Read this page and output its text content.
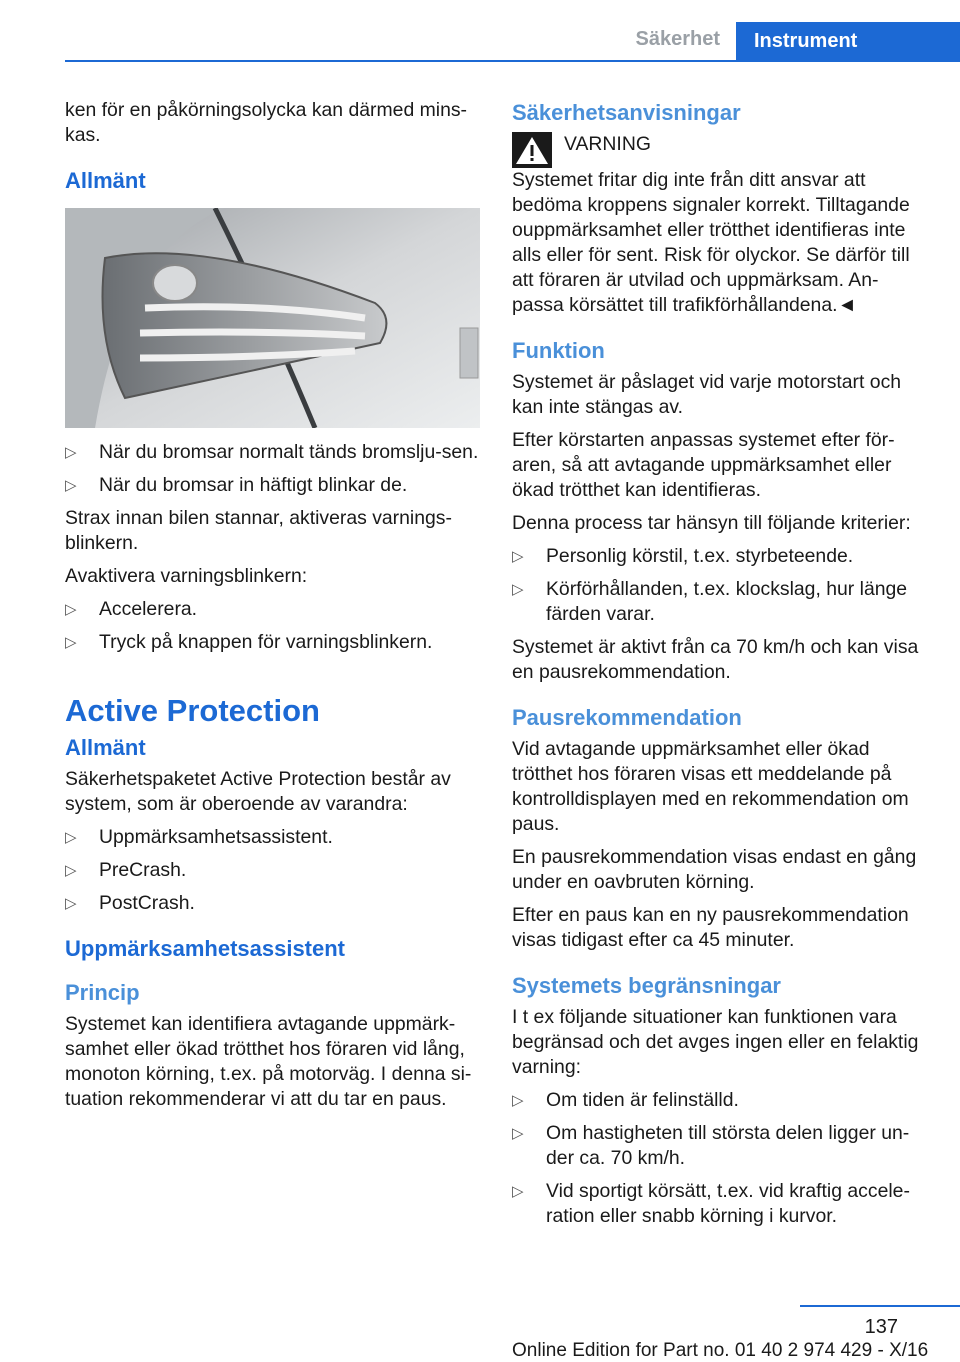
Säkerhet	Instrument

ken för en påkörningsolycka kan därmed mins-kas.

Allmänt
▷ När du bromsar normalt tänds bromslju-sen.
▷ När du bromsar in häftigt blinkar de.

Strax innan bilen stannar, aktiveras varnings-blinkern.

Avaktivera varningsblinkern:

▷ Accelerera.
▷ Tryck på knappen för varningsblinkern.
Active Protection
Allmänt

Säkerhetspaketet Active Protection består av system, som är oberoende av varandra:

▷ Uppmärksamhetsassistent.
▷ PreCrash.
▷ PostCrash.
Uppmärksamhetsassistent
Princip

Systemet kan identifiera avtagande uppmärk-samhet eller ökad trötthet hos föraren vid lång, monoton körning, t.ex. på motorväg. I denna si-tuation rekommenderar vi att du tar en paus.

Säkerhetsanvisningar
VARNING

Systemet fritar dig inte från ditt ansvar att bedöma kroppens signaler korrekt. Tilltagande ouppmärksamhet eller trötthet identifieras inte alls eller för sent. Risk för olyckor. Se därför till att föraren är utvilad och uppmärksam. An-passa körsättet till trafikförhållandena.◄

Funktion

Systemet är påslaget vid varje motorstart och kan inte stängas av.

Efter körstarten anpassas systemet efter för-aren, så att avtagande uppmärksamhet eller ökad trötthet kan identifieras.

Denna process tar hänsyn till följande kriterier:

▷ Personlig körstil, t.ex. styrbeteende.
▷ Körförhållanden, t.ex. klockslag, hur länge färden varar.

Systemet är aktivt från ca 70 km/h och kan visa en pausrekommendation.

Pausrekommendation

Vid avtagande uppmärksamhet eller ökad trötthet hos föraren visas ett meddelande på kontrolldisplayen med en rekommendation om paus.

En pausrekommendation visas endast en gång under en oavbruten körning.

Efter en paus kan en ny pausrekommendation visas tidigast efter ca 45 minuter.

Systemets begränsningar

I t ex följande situationer kan funktionen vara begränsad och det avges ingen eller en felaktig varning:

▷ Om tiden är felinställd.
▷ Om hastigheten till största delen ligger un-der ca. 70 km/h.
▷ Vid sportigt körsätt, t.ex. vid kraftig accele-ration eller snabb körning i kurvor.
137
Online Edition for Part no. 01 40 2 974 429 - X/16
